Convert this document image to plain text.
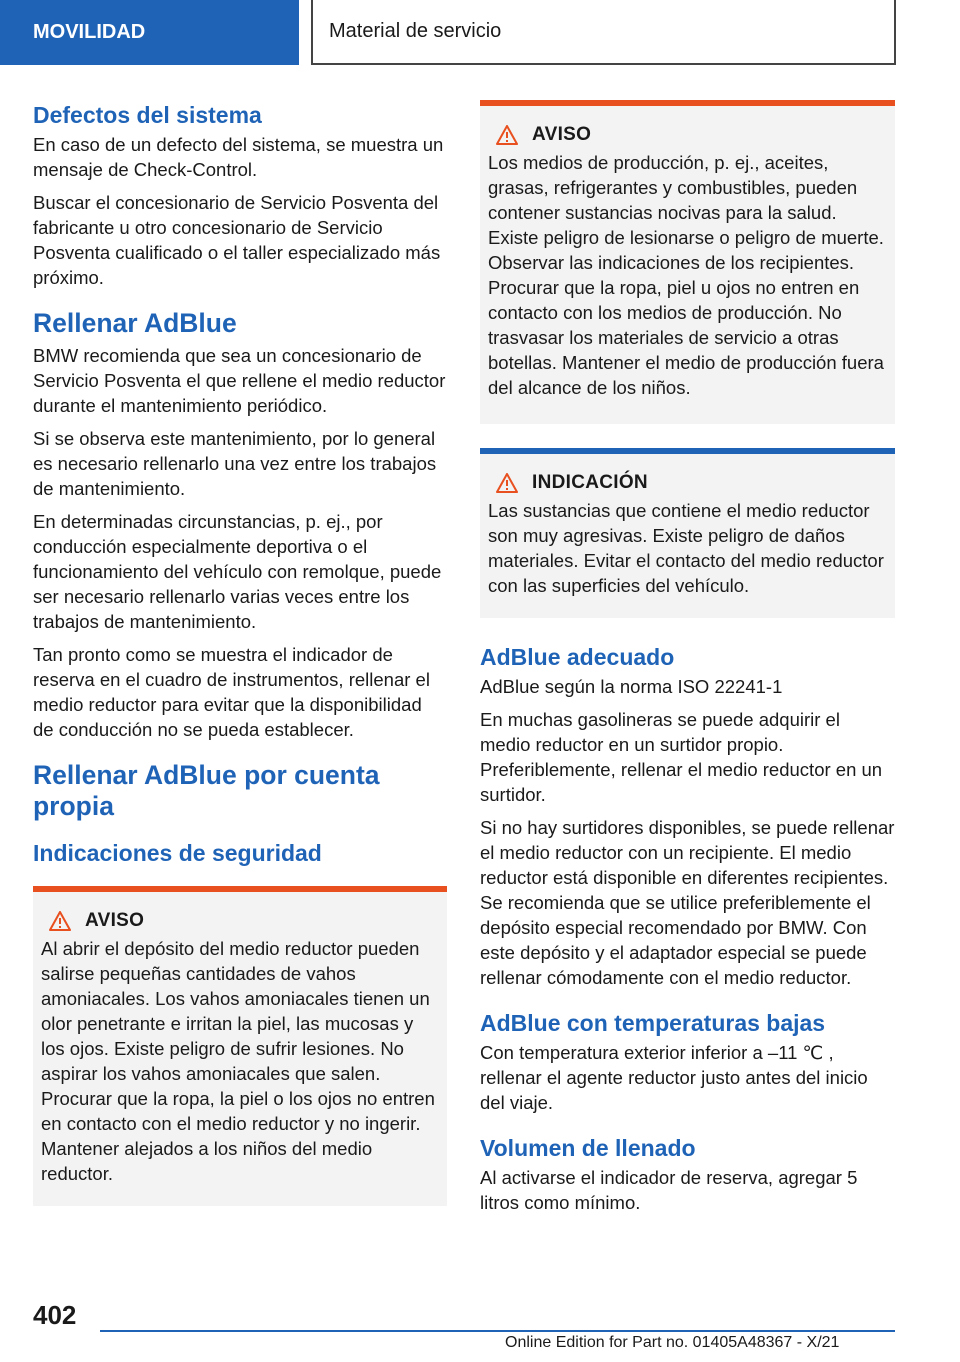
MOVILIDAD	Material de servicio
Defectos del sistema

En caso de un defecto del sistema, se muestra un mensaje de Check-Control.

Buscar el concesionario de Servicio Posventa del fabricante u otro concesionario de Servicio Posventa cualificado o el taller especializado más próximo.

Rellenar AdBlue

BMW recomienda que sea un concesionario de Servicio Posventa el que rellene el medio reductor durante el mantenimiento periódico.

Si se observa este mantenimiento, por lo general es necesario rellenarlo una vez entre los trabajos de mantenimiento.

En determinadas circunstancias, p. ej., por conducción especialmente deportiva o el funcionamiento del vehículo con remolque, puede ser necesario rellenarlo varias veces entre los trabajos de mantenimiento.

Tan pronto como se muestra el indicador de reserva en el cuadro de instrumentos, rellenar el medio reductor para evitar que la disponibilidad de conducción no se pueda establecer.

Rellenar AdBlue por cuenta propia
Indicaciones de seguridad
AVISO

Al abrir el depósito del medio reductor pueden salirse pequeñas cantidades de vahos amoniacales. Los vahos amoniacales tienen un olor penetrante e irritan la piel, las mucosas y los ojos. Existe peligro de sufrir lesiones. No aspirar los vahos amoniacales que salen. Procurar que la ropa, la piel o los ojos no entren en contacto con el medio reductor y no ingerir. Mantener alejados a los niños del medio reductor.

AVISO

Los medios de producción, p. ej., aceites, grasas, refrigerantes y combustibles, pueden contener sustancias nocivas para la salud. Existe peligro de lesionarse o peligro de muerte. Observar las indicaciones de los recipientes. Procurar que la ropa, piel u ojos no entren en contacto con los medios de producción. No trasvasar los materiales de servicio a otras botellas. Mantener el medio de producción fuera del alcance de los niños.

INDICACIÓN

Las sustancias que contiene el medio reductor son muy agresivas. Existe peligro de daños materiales. Evitar el contacto del medio reductor con las superficies del vehículo.

AdBlue adecuado

AdBlue según la norma ISO 22241-1

En muchas gasolineras se puede adquirir el medio reductor en un surtidor propio. Preferiblemente, rellenar el medio reductor en un surtidor.

Si no hay surtidores disponibles, se puede rellenar el medio reductor con un recipiente. El medio reductor está disponible en diferentes recipientes. Se recomienda que se utilice preferiblemente el depósito especial recomendado por BMW. Con este depósito y el adaptador especial se puede rellenar cómodamente con el medio reductor.

AdBlue con temperaturas bajas

Con temperatura exterior inferior a ‒11 ℃ , rellenar el agente reductor justo antes del inicio del viaje.

Volumen de llenado

Al activarse el indicador de reserva, agregar 5 litros como mínimo.

402
Online Edition for Part no. 01405A48367 - X/21
